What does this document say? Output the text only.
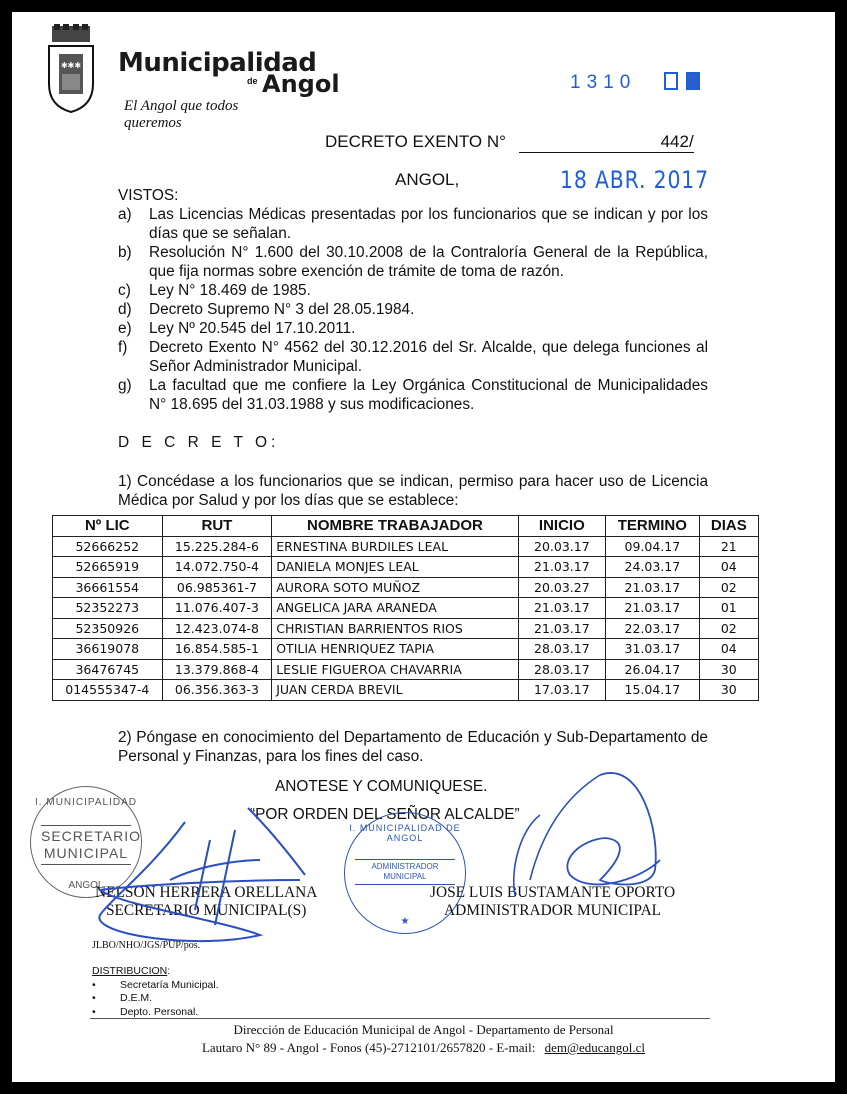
✱✱✱ Municipalidad
de Angol
El Angol que todos queremos
1310

DECRETO EXENTO N°	442/
ANGOL,	18 ABR. 2017
VISTOS:
a)	Las Licencias Médicas presentadas por los funcionarios que se indican y por los días que se señalan.
b)	Resolución N° 1.600 del 30.10.2008 de la Contraloría General de la República, que fija normas sobre exención de trámite de toma de razón.
c)	Ley N° 18.469 de 1985.
d)	Decreto Supremo N° 3 del 28.05.1984.
e)	Ley Nº 20.545 del 17.10.2011.
f)	Decreto Exento N° 4562 del 30.12.2016 del Sr. Alcalde, que delega funciones al Señor Administrador Municipal.
g)	La facultad que me confiere la Ley Orgánica Constitucional de Municipalidades N° 18.695 del 31.03.1988 y sus modificaciones.
D E C R E T O:
1) Concédase a los funcionarios que se indican, permiso para hacer uso de Licencia Médica por Salud y por los días que se establece:
Nº LIC	RUT	NOMBRE TRABAJADOR	INICIO	TERMINO	DIAS
52666252	15.225.284-6	ERNESTINA BURDILES LEAL	20.03.17	09.04.17	21
52665919	14.072.750-4	DANIELA MONJES LEAL	21.03.17	24.03.17	04
36661554	06.985361-7	AURORA SOTO MUÑOZ	20.03.27	21.03.17	02
52352273	11.076.407-3	ANGELICA JARA ARANEDA	21.03.17	21.03.17	01
52350926	12.423.074-8	CHRISTIAN BARRIENTOS RIOS	21.03.17	22.03.17	02
36619078	16.854.585-1	OTILIA HENRIQUEZ TAPIA	28.03.17	31.03.17	04
36476745	13.379.868-4	LESLIE FIGUEROA CHAVARRIA	28.03.17	26.04.17	30
014555347-4	06.356.363-3	JUAN CERDA BREVIL	17.03.17	15.04.17	30
2) Póngase en conocimiento del Departamento de Educación y Sub-Departamento de Personal y Finanzas, para los fines del caso.
ANOTESE Y COMUNIQUESE.
“POR ORDEN DEL SEÑOR ALCALDE”
I. MUNICIPALIDAD
SECRETARIO
MUNICIPAL
ANGOL
I. MUNICIPALIDAD DE ANGOL
ADMINISTRADOR
MUNICIPAL
★
NELSON HERRERA ORELLANA
SECRETARIO MUNICIPAL(S)
JOSE LUIS BUSTAMANTE OPORTO
ADMINISTRADOR MUNICIPAL
JLBO/NHO/JGS/PUP/pos.
DISTRIBUCION:
• Secretaría Municipal.
• D.E.M.
• Depto. Personal.
Dirección de Educación Municipal de Angol - Departamento de Personal
Lautaro N° 89 - Angol - Fonos (45)-2712101/2657820 - E-mail: dem@educangol.cl
